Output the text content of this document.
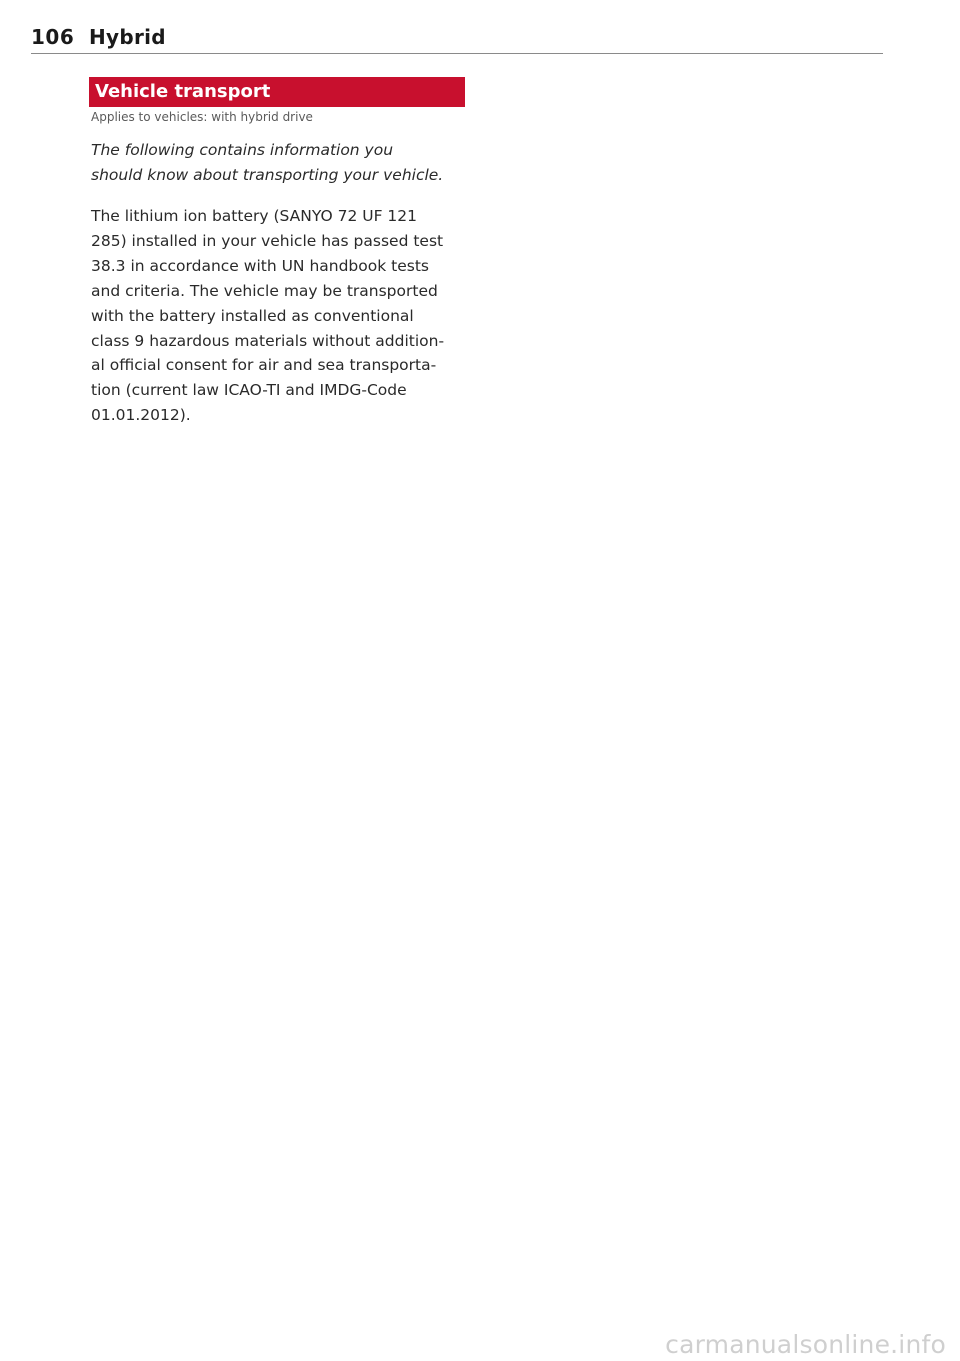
106 Hybrid
Vehicle transport
Applies to vehicles: with hybrid drive
The following contains information you
should know about transporting your vehicle.
The lithium ion battery (SANYO 72 UF 121
285) installed in your vehicle has passed test
38.3 in accordance with UN handbook tests
and criteria. The vehicle may be transported
with the battery installed as conventional
class 9 hazardous materials without addition-
al official consent for air and sea transporta-
tion (current law ICAO-TI and IMDG-Code
01.01.2012).
carmanualsonline.info
